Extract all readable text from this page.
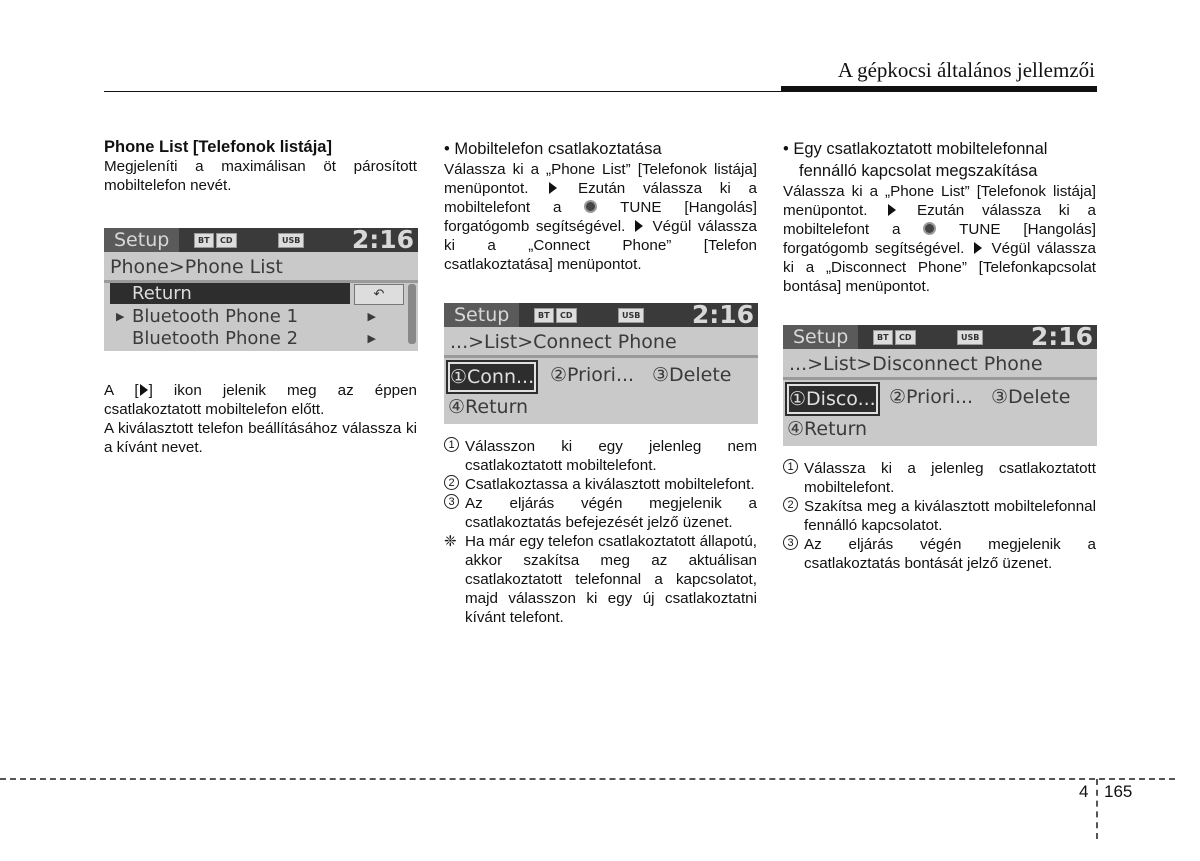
A gépkocsi általános jellemzői

Phone List [Telefonok listája]

Megjeleníti a maximálisan öt párosított mobiltelefon nevét.

Setup	BT	CD	USB 2:16
Phone>Phone List
Return	↶
▶ Bluetooth Phone 1	▶
Bluetooth Phone 2	▶

A [ ] ikon jelenik meg az éppen csatlakoztatott mobiltelefon előtt.

A kiválasztott telefon beállításához válassza ki a kívánt nevet.

• Mobiltelefon csatlakoztatása

Válassza ki a „Phone List” [Telefonok listája] menüpontot.	Ezután válassza ki a mobiltelefont a	TUNE [Hangolás] forgatógomb segítségével. Végül válassza ki a „Connect Phone” [Telefon csatlakoztatása] menüpontot.

Setup	BT	CD	USB 2:16
...>List>Connect Phone
①Conn... ②Priori... ③Delete
④Return

1 Válasszon ki egy jelenleg nem csatlakoztatott mobiltelefont.

2 Csatlakoztassa a kiválasztott mobiltelefont.

3 Az eljárás végén megjelenik a csatlakoztatás befejezését jelző üzenet.

❈ Ha már egy telefon csatlakoztatott állapotú, akkor szakítsa meg az aktuálisan csatlakoztatott telefonnal a kapcsolatot, majd válasszon ki egy új csatlakoztatni kívánt telefont.

• Egy csatlakoztatott mobiltelefonnal fennálló kapcsolat megszakítása

Válassza ki a „Phone List” [Telefonok listája] menüpontot.	Ezután válassza ki a mobiltelefont a	TUNE [Hangolás] forgatógomb segítségével. Végül válassza ki a „Disconnect Phone” [Telefonkapcsolat bontása] menüpontot.

Setup	BT	CD	USB 2:16
...>List>Disconnect Phone
①Disco... ②Priori... ③Delete
④Return

1 Válassza ki a jelenleg csatlakoztatott mobiltelefont.

2 Szakítsa meg a kiválasztott mobiltelefonnal fennálló kapcsolatot.

3 Az eljárás végén megjelenik a csatlakoztatás bontását jelző üzenet.

4 165
